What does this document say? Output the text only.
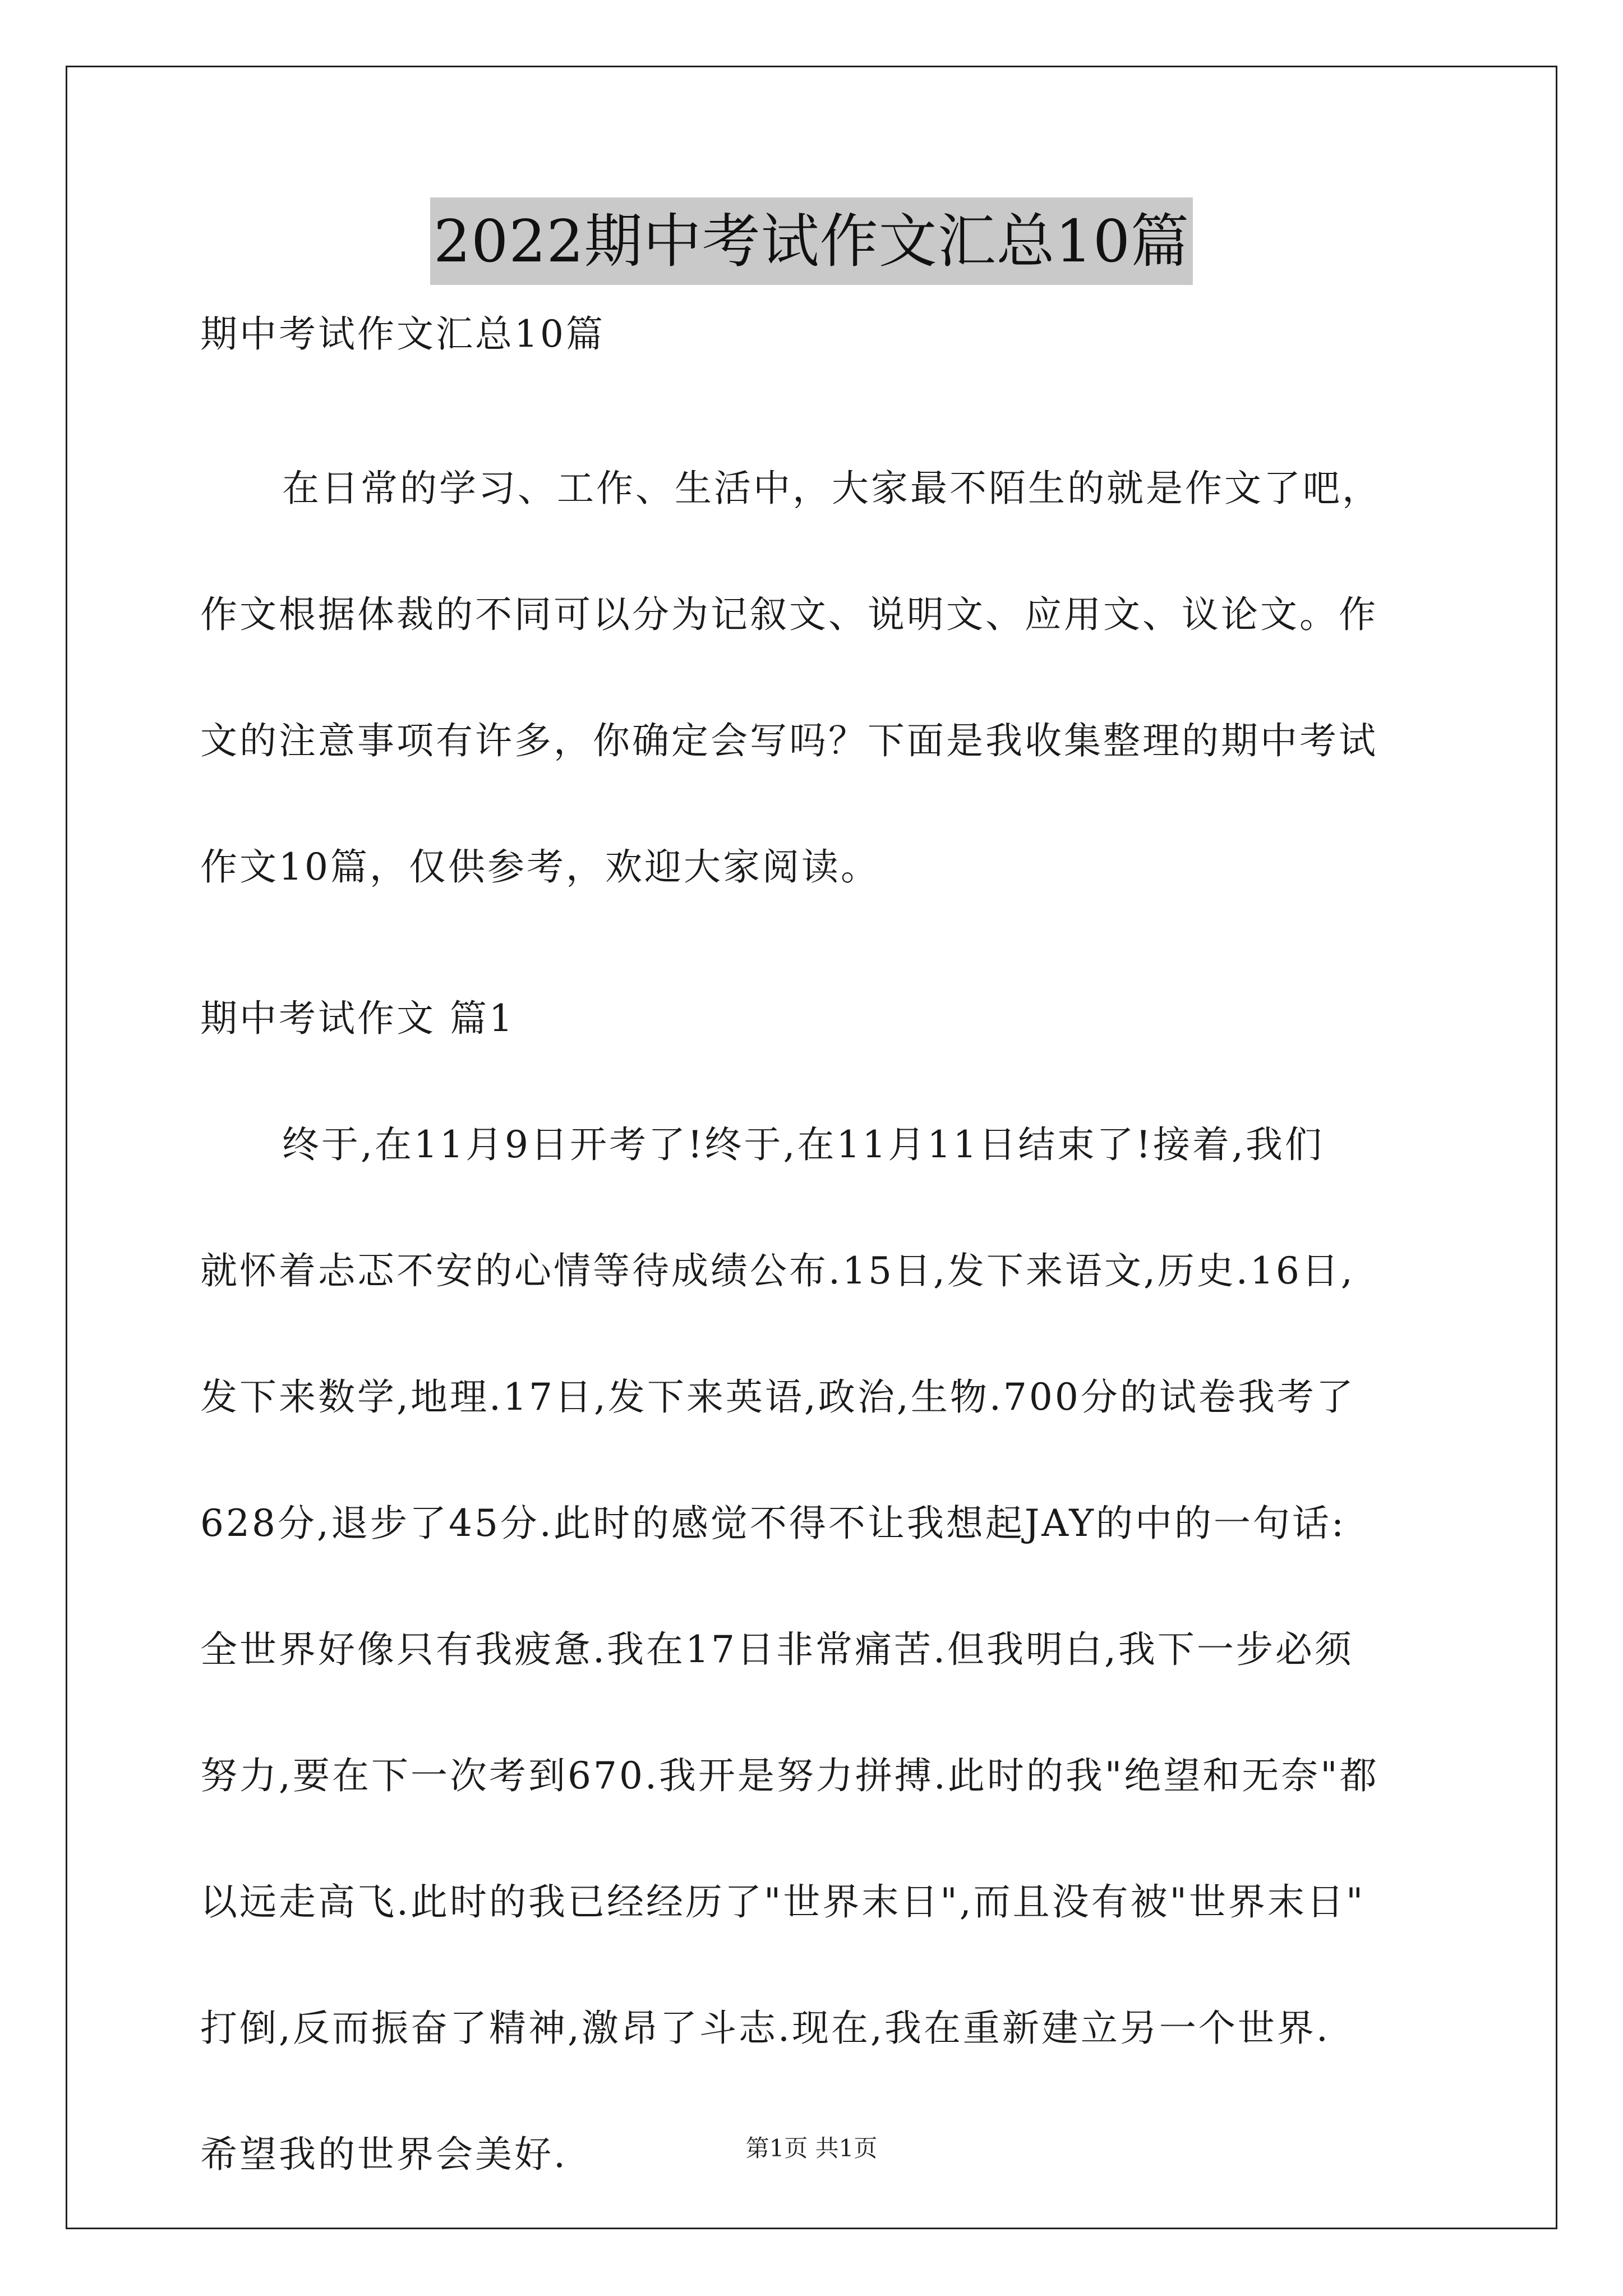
2022期中考试作文汇总10篇
期中考试作文汇总10篇
在日常的学习、工作、生活中，大家最不陌生的就是作文了吧，
作文根据体裁的不同可以分为记叙文、说明文、应用文、议论文。作
文的注意事项有许多，你确定会写吗？下面是我收集整理的期中考试
作文10篇，仅供参考，欢迎大家阅读。
期中考试作文 篇1
终于,在11月9日开考了!终于,在11月11日结束了!接着,我们
就怀着忐忑不安的心情等待成绩公布.15日,发下来语文,历史.16日,
发下来数学,地理.17日,发下来英语,政治,生物.700分的试卷我考了
628分,退步了45分.此时的感觉不得不让我想起JAY的中的一句话:
全世界好像只有我疲惫.我在17日非常痛苦.但我明白,我下一步必须
努力,要在下一次考到670.我开是努力拼搏.此时的我"绝望和无奈"都
以远走高飞.此时的我已经经历了"世界末日",而且没有被"世界末日"
打倒,反而振奋了精神,激昂了斗志.现在,我在重新建立另一个世界.
希望我的世界会美好.	第1页 共1页
